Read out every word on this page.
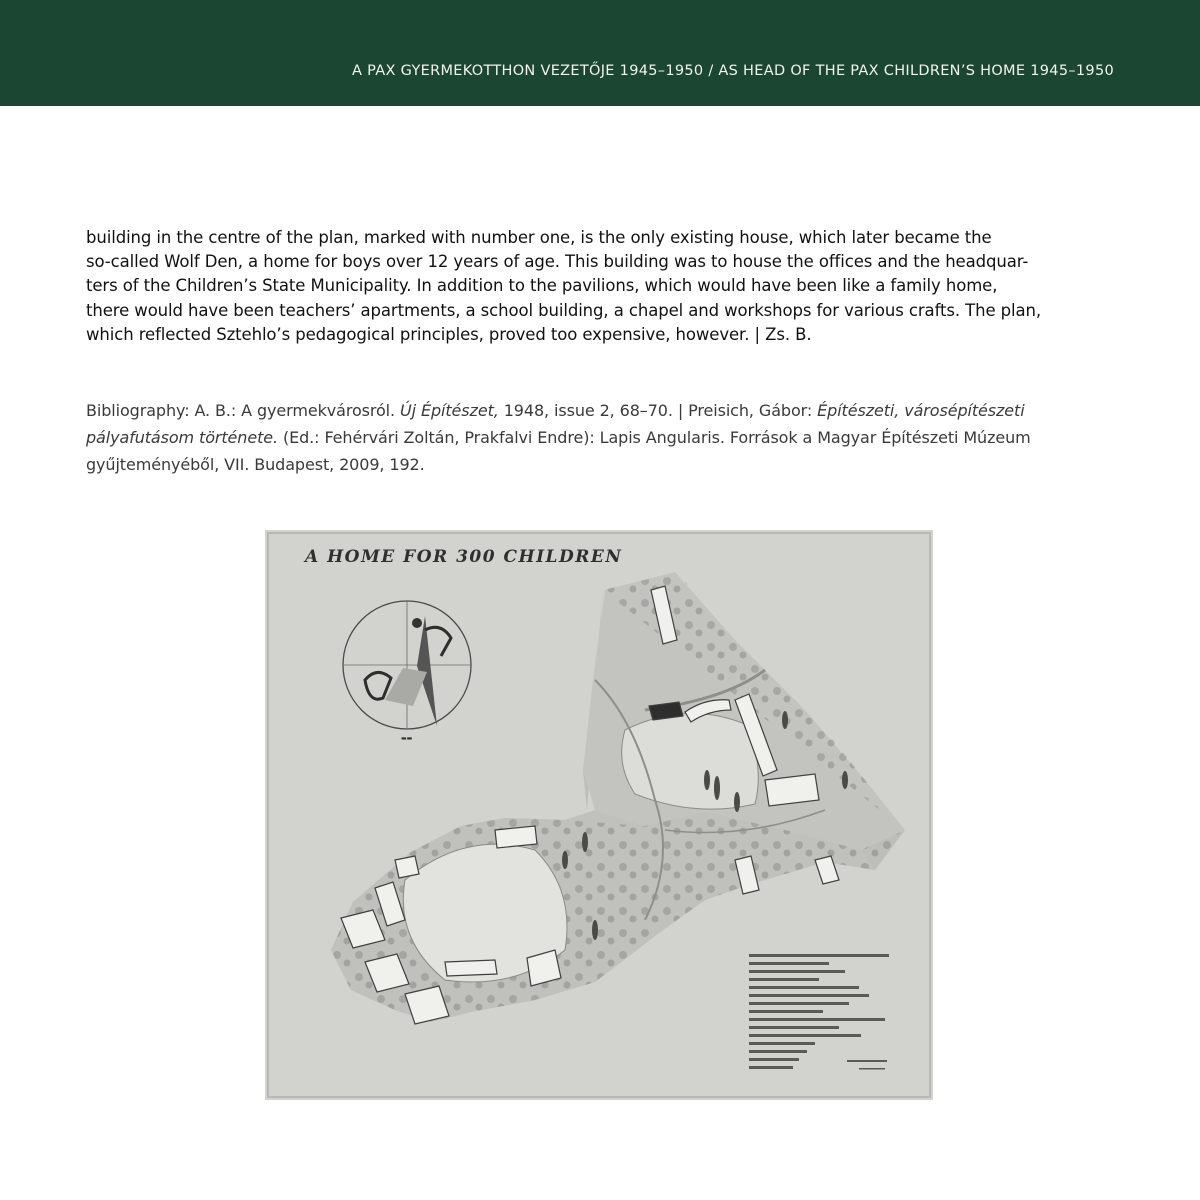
A PAX GYERMEKOTTHON VEZETŐJE 1945–1950 / AS HEAD OF THE PAX CHILDREN’S HOME 1945–1950

building in the centre of the plan, marked with number one, is the only existing house, which later became the

so-called Wolf Den, a home for boys over 12 years of age. This building was to house the offices and the headquar-

ters of the Children’s State Municipality. In addition to the pavilions, which would have been like a family home,

there would have been teachers’ apartments, a school building, a chapel and workshops for various crafts. The plan,

which reflected Sztehlo’s pedagogical principles, proved too expensive, however. | Zs. B.

Bibliography: A. B.: A gyermekvárosról. Új Építészet, 1948, issue 2, 68–70. | Preisich, Gábor: Építészeti, városépítészeti

pályafutásom története. (Ed.: Fehérvári Zoltán, Prakfalvi Endre): Lapis Angularis. Források a Magyar Építészeti Múzeum

gyűjteményéből, VII. Budapest, 2009, 192.

A HOME FOR 300 CHILDREN
▬▬
